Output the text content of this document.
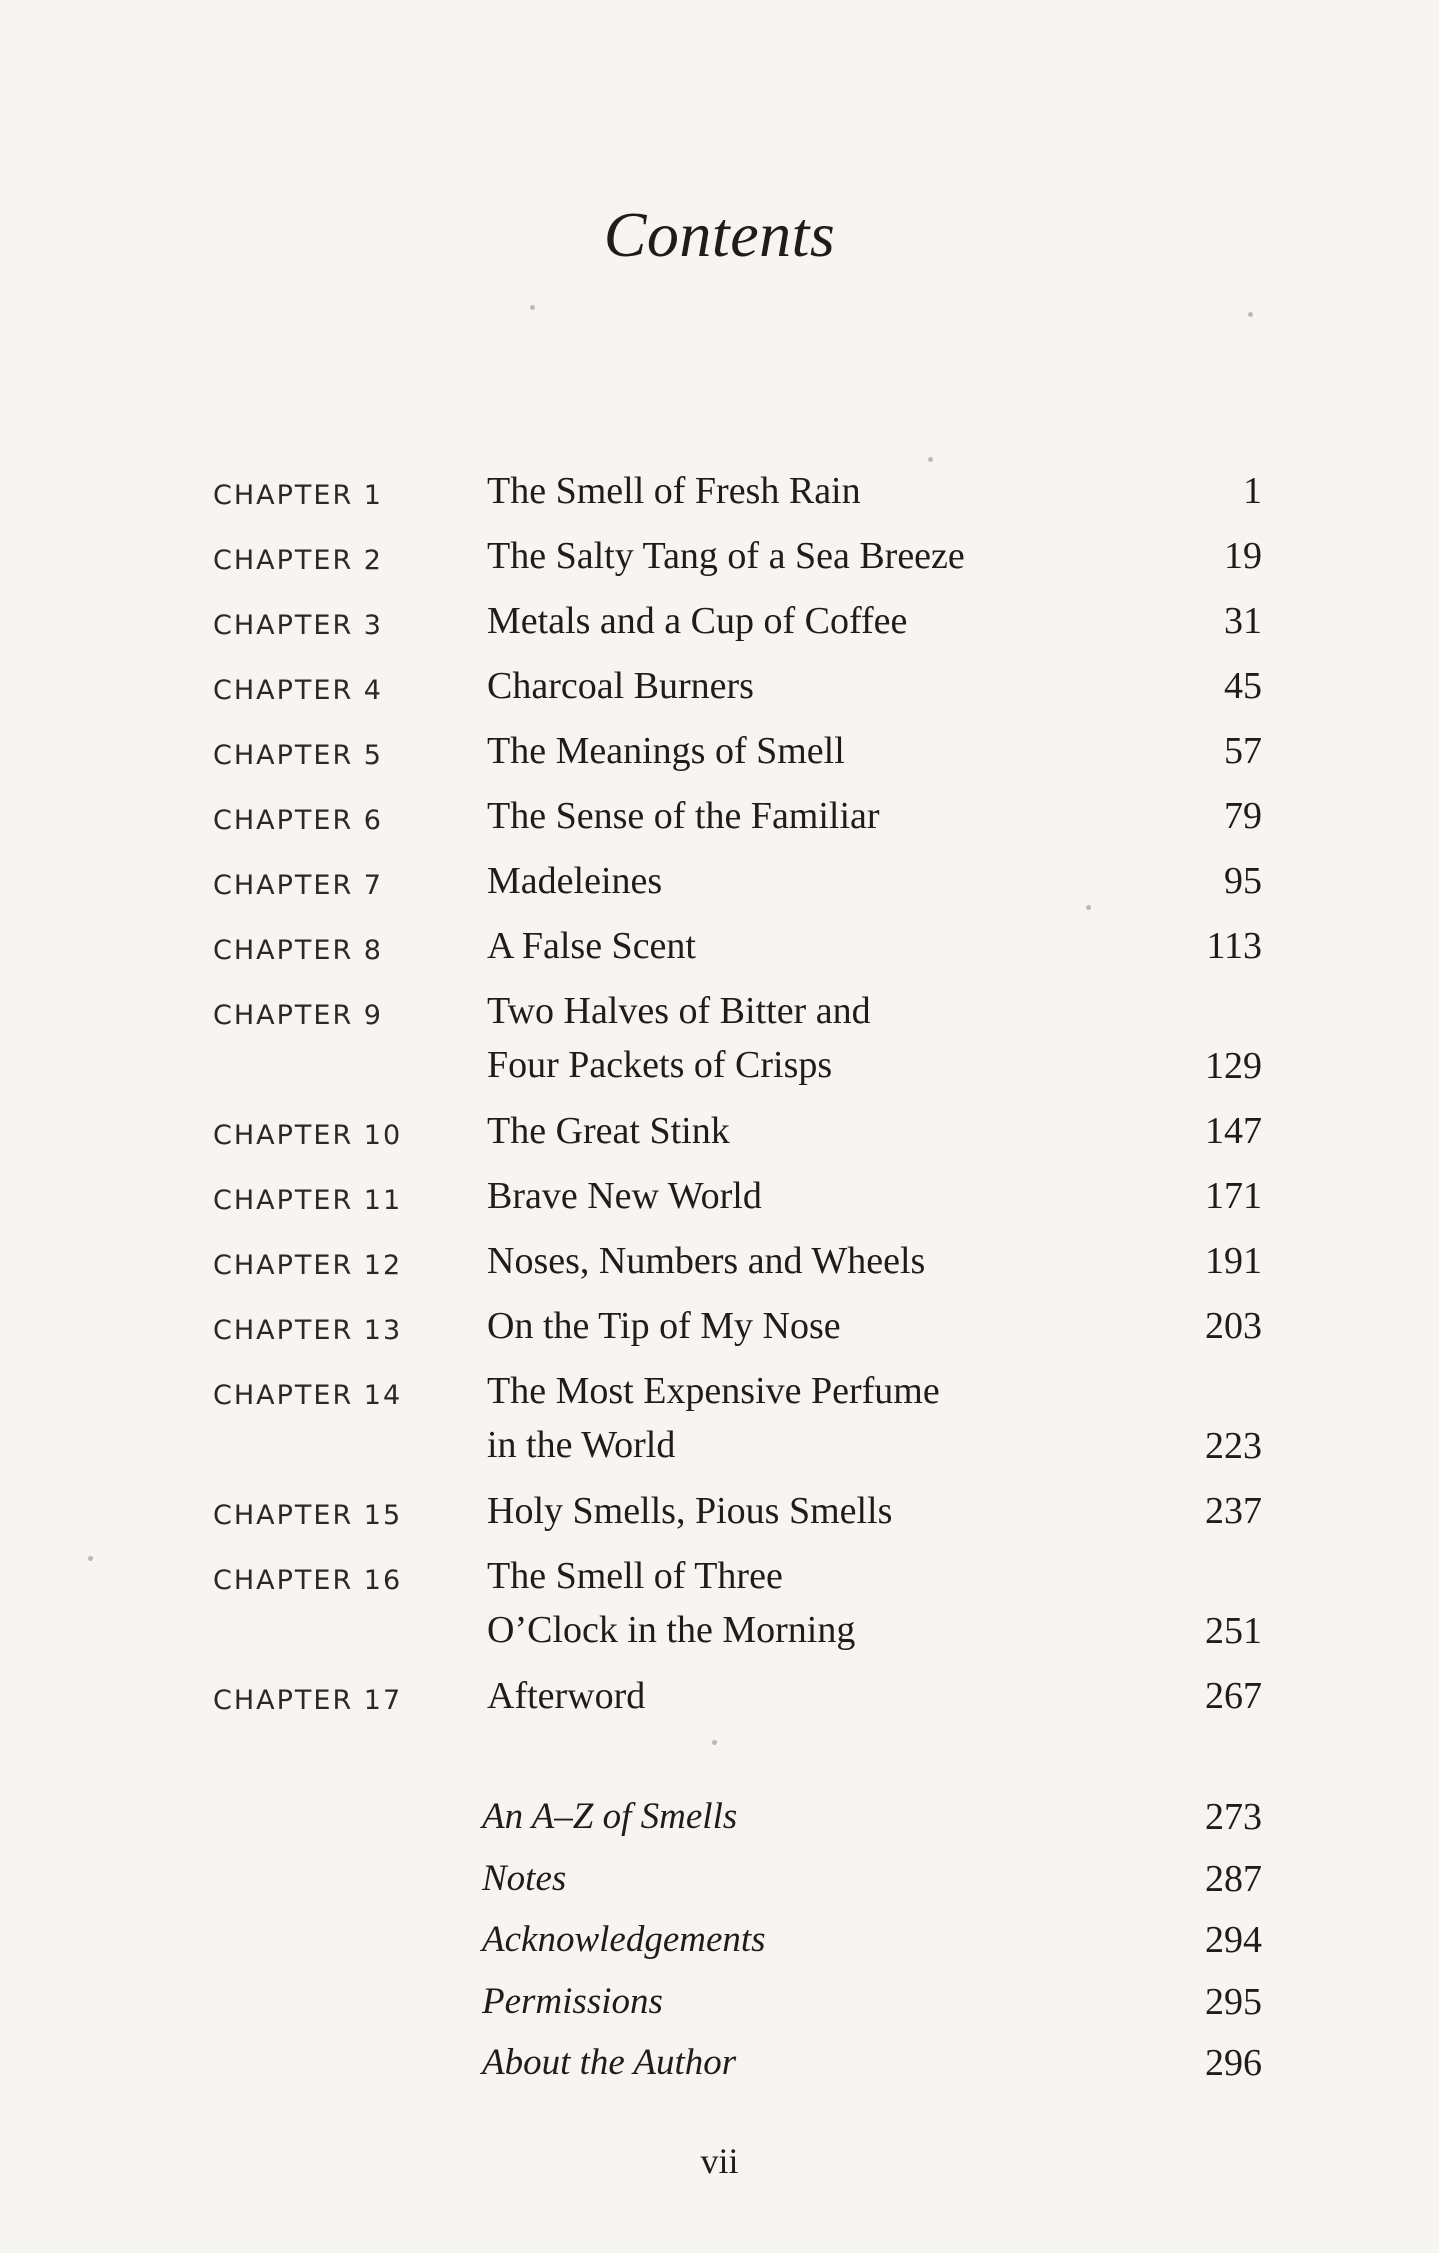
Contents
CHAPTER 1	The Smell of Fresh Rain	1
CHAPTER 2	The Salty Tang of a Sea Breeze	19
CHAPTER 3	Metals and a Cup of Coffee	31
CHAPTER 4	Charcoal Burners	45
CHAPTER 5	The Meanings of Smell	57
CHAPTER 6	The Sense of the Familiar	79
CHAPTER 7	Madeleines	95
CHAPTER 8	A False Scent	113
CHAPTER 9	Two Halves of Bitter and
Four Packets of Crisps	129
CHAPTER 10 The Great Stink	147
CHAPTER 11 Brave New World	171
CHAPTER 12 Noses, Numbers and Wheels	191
CHAPTER 13 On the Tip of My Nose	203
CHAPTER 14 The Most Expensive Perfume
in the World	223
CHAPTER 15 Holy Smells, Pious Smells	237
CHAPTER 16 The Smell of Three
O’Clock in the Morning	251
CHAPTER 17 Afterword	267
An A–Z of Smells	273
Notes	287
Acknowledgements	294
Permissions	295
About the Author	296
vii
